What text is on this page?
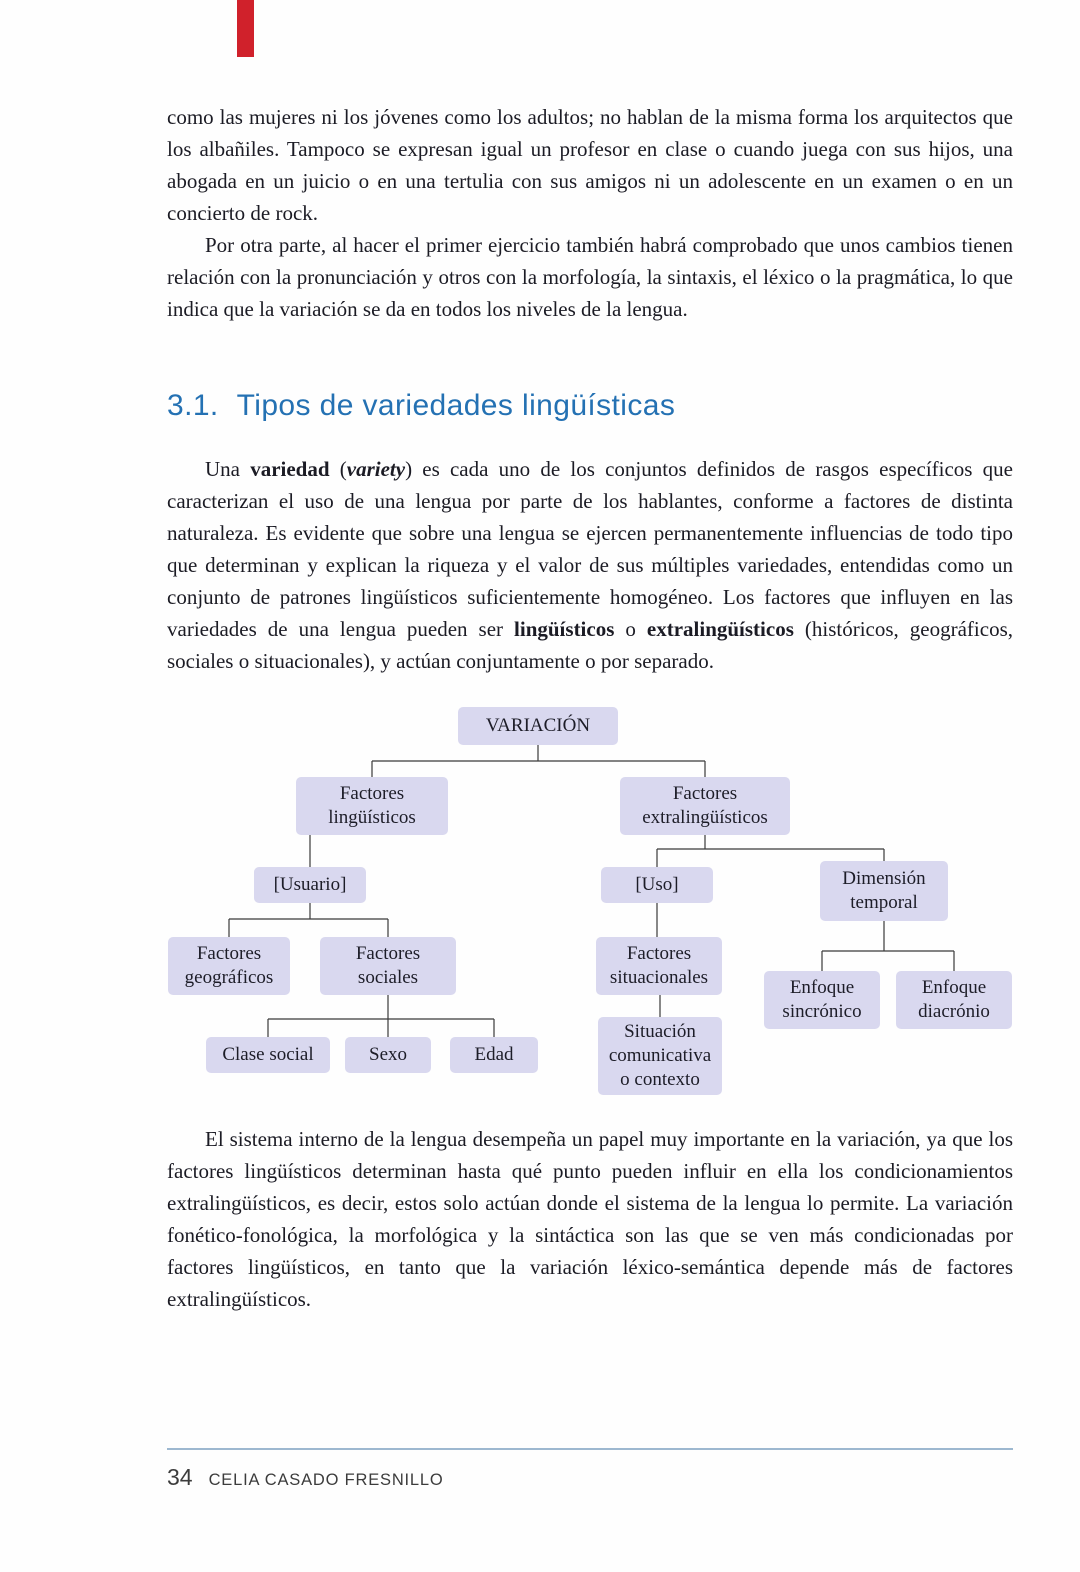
como las mujeres ni los jóvenes como los adultos; no hablan de la misma forma los arquitectos que los albañiles. Tampoco se expresan igual un profesor en clase o cuando juega con sus hijos, una abogada en un juicio o en una tertulia con sus amigos ni un adolescente en un examen o en un concierto de rock.

Por otra parte, al hacer el primer ejercicio también habrá comprobado que unos cambios tienen relación con la pronunciación y otros con la morfología, la sintaxis, el léxico o la pragmática, lo que indica que la variación se da en todos los niveles de la lengua.

3.1. Tipos de variedades lingüísticas

Una variedad (variety) es cada uno de los conjuntos definidos de rasgos específicos que caracterizan el uso de una lengua por parte de los hablantes, conforme a factores de distinta naturaleza. Es evidente que sobre una lengua se ejercen permanentemente influencias de todo tipo que determinan y explican la riqueza y el valor de sus múltiples variedades, entendidas como un conjunto de patrones lingüísticos suficientemente homogéneo. Los factores que influyen en las variedades de una lengua pueden ser lingüísticos o extralingüísticos (históricos, geográficos, sociales o situacionales), y actúan conjuntamente o por separado.

VARIACIÓN
Factores
lingüísticos
Factores
extralingüísticos
[Usuario]	[Uso]	Dimensión
temporal
Factores
geográficos
Factores
sociales
Factores
situacionales	Enfoque
sincrónico
Enfoque
diacrónio
Clase social	Sexo	Edad
Situación
comunicativa
o contexto

El sistema interno de la lengua desempeña un papel muy importante en la variación, ya que los factores lingüísticos determinan hasta qué punto pueden influir en ella los condicionamientos extralingüísticos, es decir, estos solo actúan donde el sistema de la lengua lo permite. La variación fonético-fonológica, la morfológica y la sintáctica son las que se ven más condicionadas por factores lingüísticos, en tanto que la variación léxico-semántica depende más de factores extralingüísticos.

34 CELIA CASADO FRESNILLO
